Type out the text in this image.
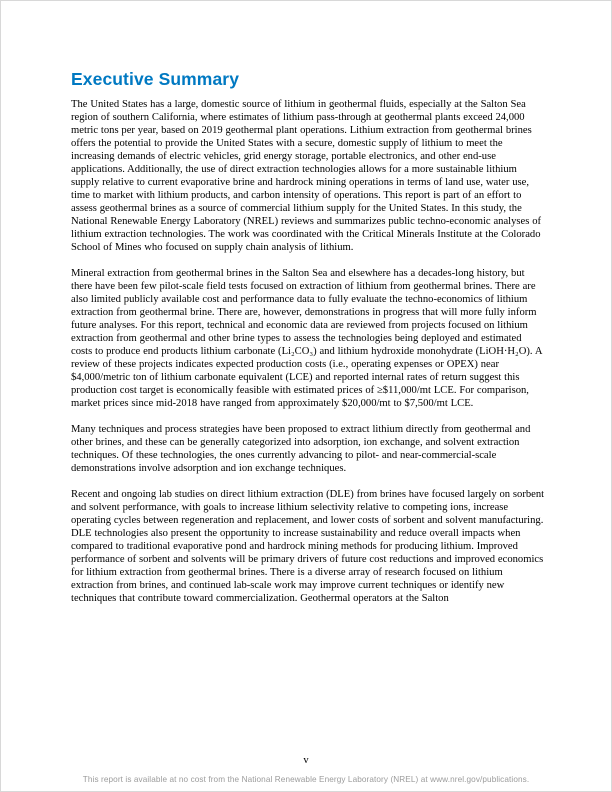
Executive Summary

The United States has a large, domestic source of lithium in geothermal fluids, especially at the Salton Sea region of southern California, where estimates of lithium pass-through at geothermal plants exceed 24,000 metric tons per year, based on 2019 geothermal plant operations. Lithium extraction from geothermal brines offers the potential to provide the United States with a secure, domestic supply of lithium to meet the increasing demands of electric vehicles, grid energy storage, portable electronics, and other end-use applications. Additionally, the use of direct extraction technologies allows for a more sustainable lithium supply relative to current evaporative brine and hardrock mining operations in terms of land use, water use, time to market with lithium products, and carbon intensity of operations. This report is part of an effort to assess geothermal brines as a source of commercial lithium supply for the United States. In this study, the National Renewable Energy Laboratory (NREL) reviews and summarizes public techno-economic analyses of lithium extraction technologies. The work was coordinated with the Critical Minerals Institute at the Colorado School of Mines who focused on supply chain analysis of lithium.

Mineral extraction from geothermal brines in the Salton Sea and elsewhere has a decades-long history, but there have been few pilot-scale field tests focused on extraction of lithium from geothermal brines. There are also limited publicly available cost and performance data to fully evaluate the techno-economics of lithium extraction from geothermal brine. There are, however, demonstrations in progress that will more fully inform future analyses. For this report, technical and economic data are reviewed from projects focused on lithium extraction from geothermal and other brine types to assess the technologies being deployed and estimated costs to produce end products lithium carbonate (Li₂CO₃) and lithium hydroxide monohydrate (LiOH·H₂O). A review of these projects indicates expected production costs (i.e., operating expenses or OPEX) near $4,000/metric ton of lithium carbonate equivalent (LCE) and reported internal rates of return suggest this production cost target is economically feasible with estimated prices of ≥$11,000/mt LCE. For comparison, market prices since mid-2018 have ranged from approximately $20,000/mt to $7,500/mt LCE.

Many techniques and process strategies have been proposed to extract lithium directly from geothermal and other brines, and these can be generally categorized into adsorption, ion exchange, and solvent extraction techniques. Of these technologies, the ones currently advancing to pilot- and near-commercial-scale demonstrations involve adsorption and ion exchange techniques.

Recent and ongoing lab studies on direct lithium extraction (DLE) from brines have focused largely on sorbent and solvent performance, with goals to increase lithium selectivity relative to competing ions, increase operating cycles between regeneration and replacement, and lower costs of sorbent and solvent manufacturing. DLE technologies also present the opportunity to increase sustainability and reduce overall impacts when compared to traditional evaporative pond and hardrock mining methods for producing lithium. Improved performance of sorbent and solvents will be primary drivers of future cost reductions and improved economics for lithium extraction from geothermal brines. There is a diverse array of research focused on lithium extraction from brines, and continued lab-scale work may improve current techniques or identify new techniques that contribute toward commercialization. Geothermal operators at the Salton

v
This report is available at no cost from the National Renewable Energy Laboratory (NREL) at www.nrel.gov/publications.
